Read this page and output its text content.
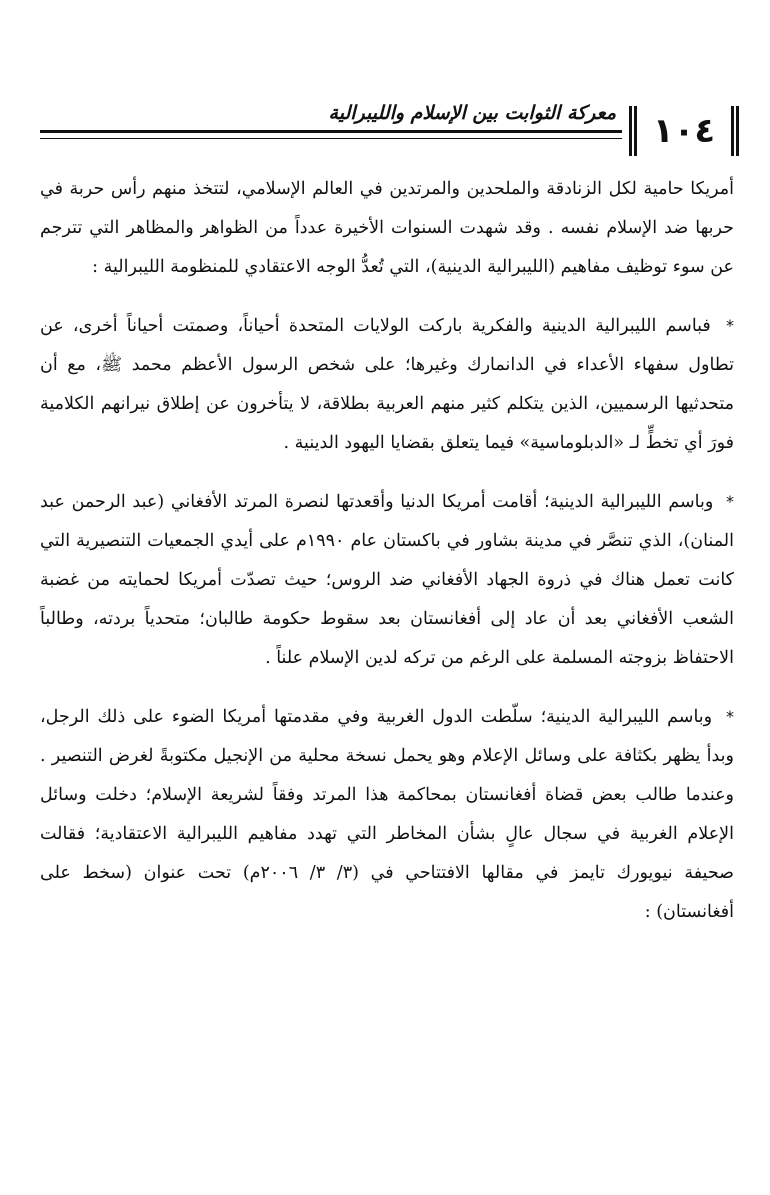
معركة الثوابت بين الإسلام والليبرالية ١٠٤

أمريكا حامية لكل الزنادقة والملحدين والمرتدين في العالم الإسلامي، لتتخذ منهم رأس حربة في حربها ضد الإسلام نفسه . وقد شهدت السنوات الأخيرة عدداً من الظواهر والمظاهر التي تترجم عن سوء توظيف مفاهيم (الليبرالية الدينية)، التي تُعدُّ الوجه الاعتقادي للمنظومة الليبرالية :

* فباسم الليبرالية الدينية والفكرية باركت الولايات المتحدة أحياناً، وصمتت أحياناً أخرى، عن تطاول سفهاء الأعداء في الدانمارك وغيرها؛ على شخص الرسول الأعظم محمد ﷺ، مع أن متحدثيها الرسميين، الذين يتكلم كثير منهم العربية بطلاقة، لا يتأخرون عن إطلاق نيرانهم الكلامية فورَ أي تخطٍّ لـ «الدبلوماسية» فيما يتعلق بقضايا اليهود الدينية .

* وباسم الليبرالية الدينية؛ أقامت أمريكا الدنيا وأقعدتها لنصرة المرتد الأفغاني (عبد الرحمن عبد المنان)، الذي تنصَّر في مدينة بشاور في باكستان عام ١٩٩٠م على أيدي الجمعيات التنصيرية التي كانت تعمل هناك في ذروة الجهاد الأفغاني ضد الروس؛ حيث تصدّت أمريكا لحمايته من غضبة الشعب الأفغاني بعد أن عاد إلى أفغانستان بعد سقوط حكومة طالبان؛ متحدياً بردته، وطالباً الاحتفاظ بزوجته المسلمة على الرغم من تركه لدين الإسلام علناً .

* وباسم الليبرالية الدينية؛ سلّطت الدول الغربية وفي مقدمتها أمريكا الضوء على ذلك الرجل، وبدأ يظهر بكثافة على وسائل الإعلام وهو يحمل نسخة محلية من الإنجيل مكتوبةً لغرض التنصير . وعندما طالب بعض قضاة أفغانستان بمحاكمة هذا المرتد وفقاً لشريعة الإسلام؛ دخلت وسائل الإعلام الغربية في سجال عالٍ بشأن المخاطر التي تهدد مفاهيم الليبرالية الاعتقادية؛ فقالت صحيفة نيويورك تايمز في مقالها الافتتاحي في (٣/ ٣/ ٢٠٠٦م) تحت عنوان (سخط على أفغانستان) :
